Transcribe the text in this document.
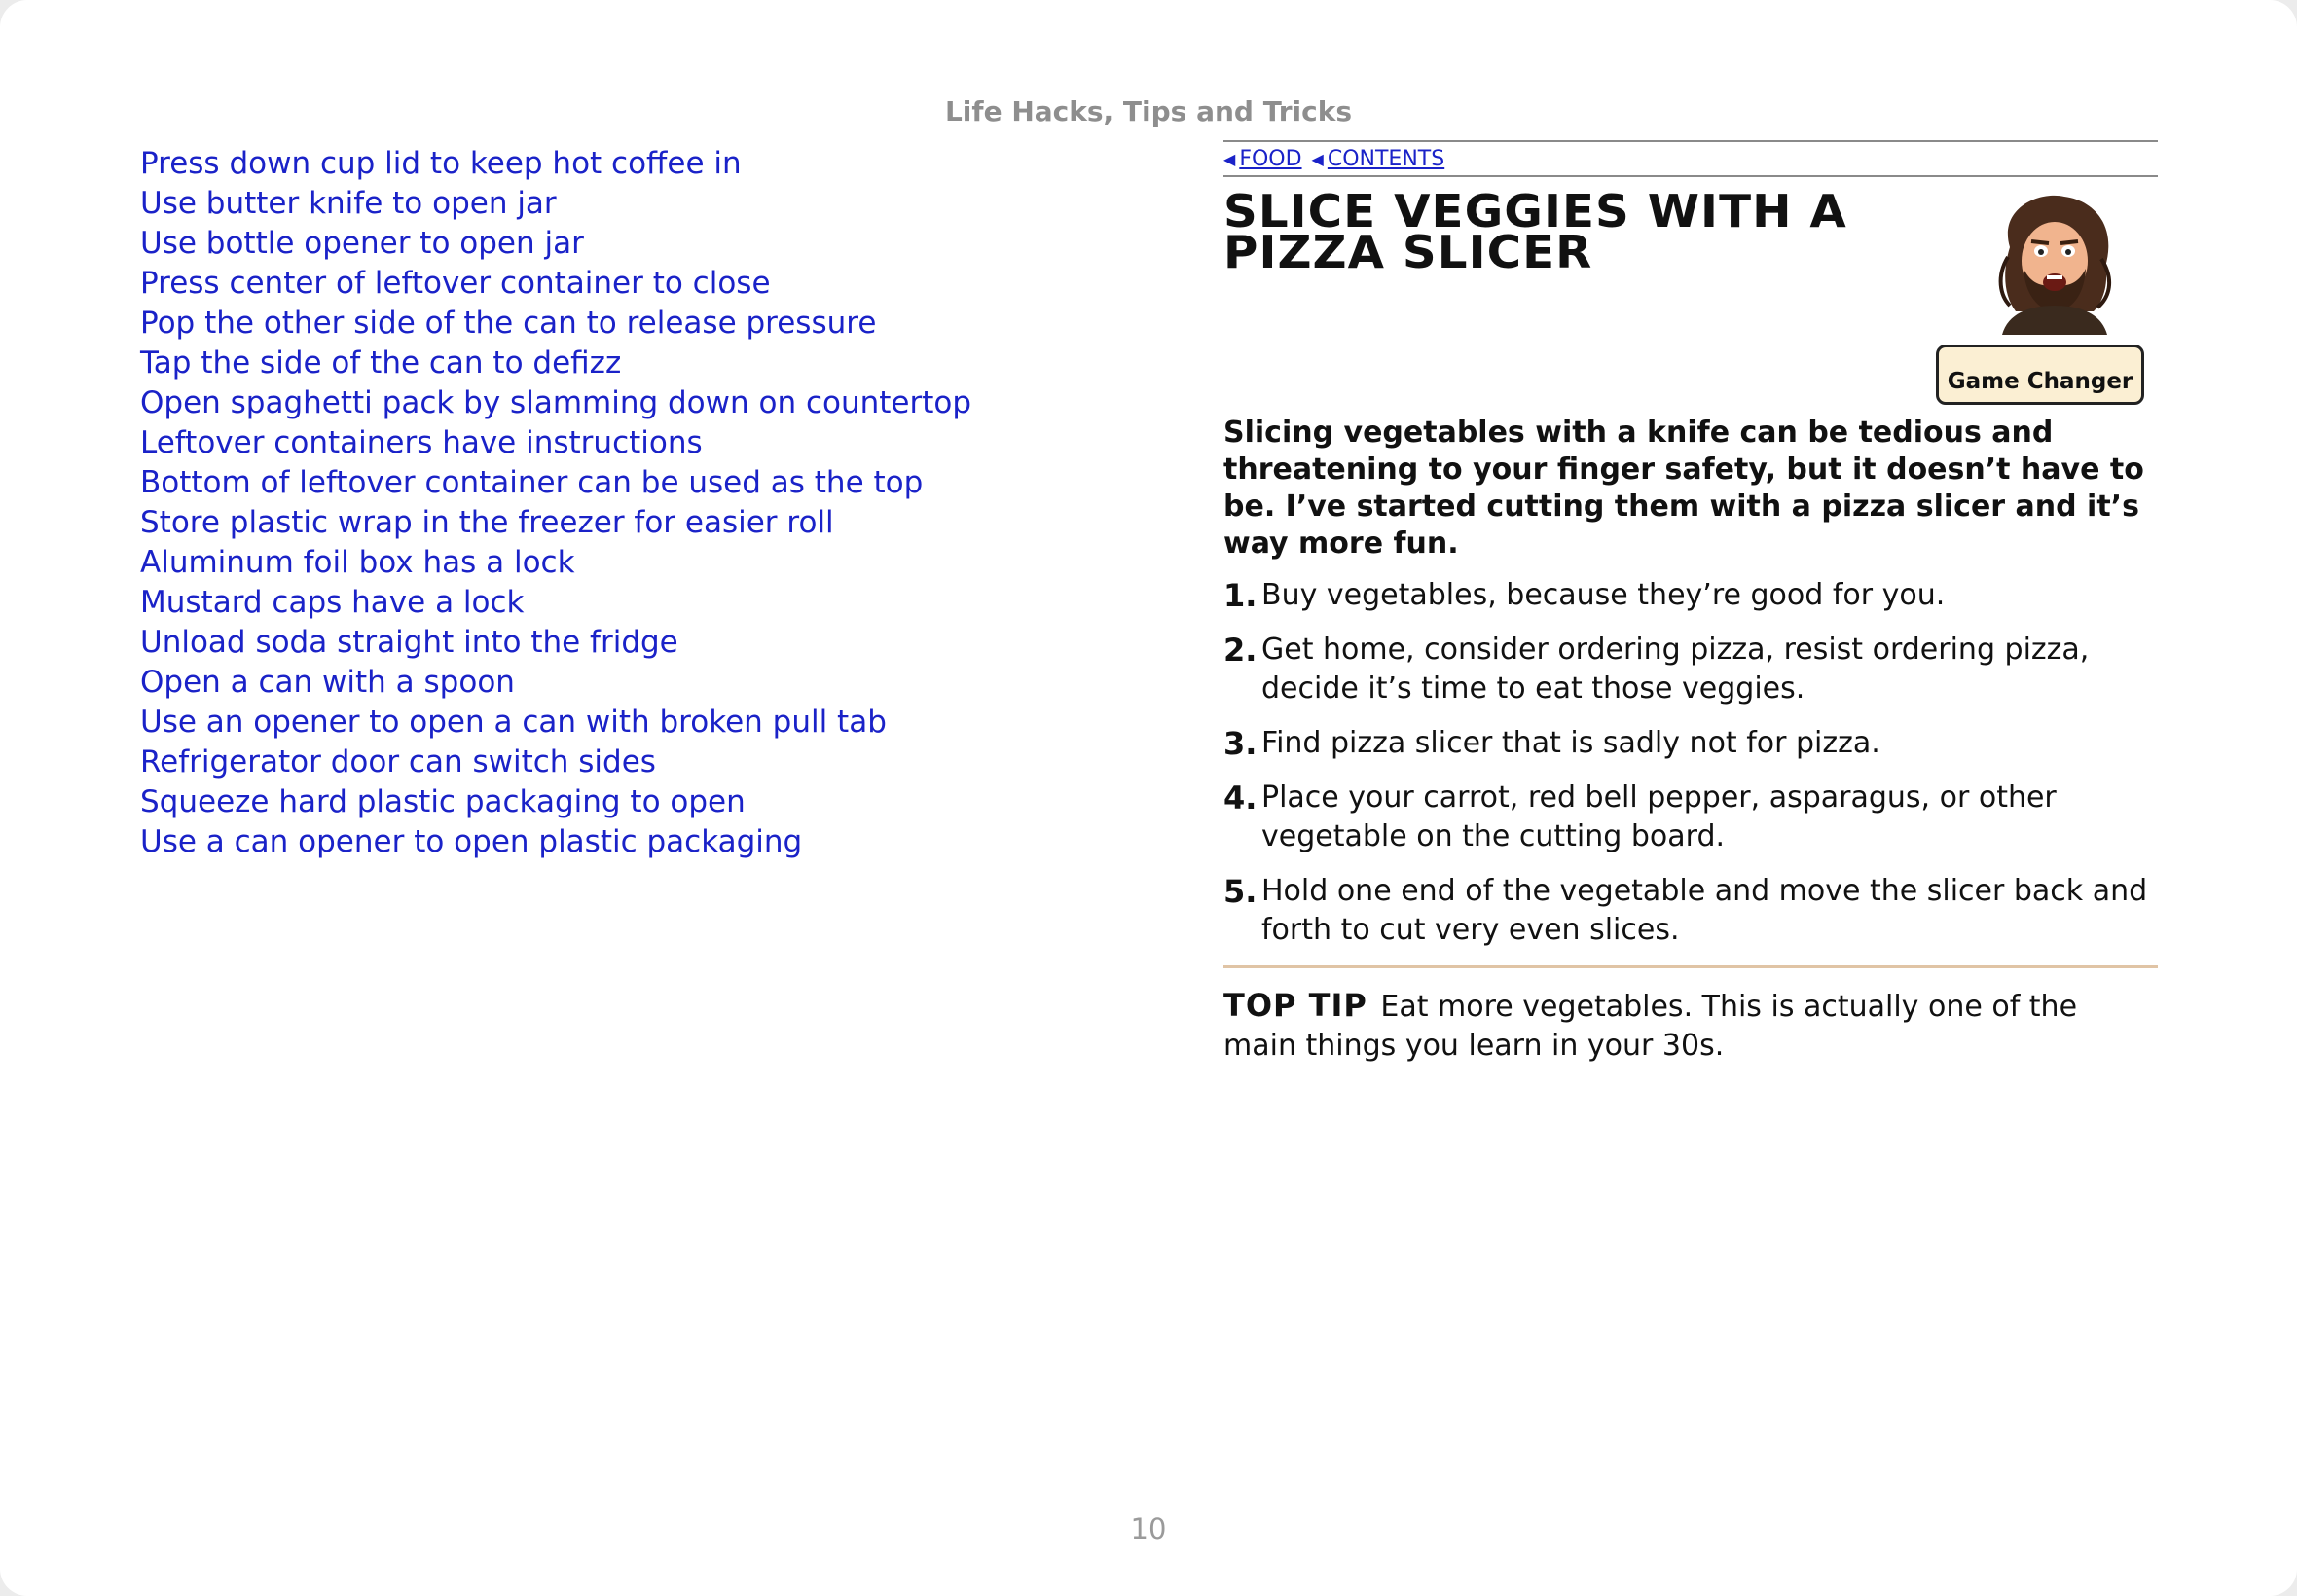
Life Hacks, Tips and Tricks
Press down cup lid to keep hot coffee in
Use butter knife to open jar
Use bottle opener to open jar
Press center of leftover container to close
Pop the other side of the can to release pressure
Tap the side of the can to defizz
Open spaghetti pack by slamming down on countertop
Leftover containers have instructions
Bottom of leftover container can be used as the top
Store plastic wrap in the freezer for easier roll
Aluminum foil box has a lock
Mustard caps have a lock
Unload soda straight into the fridge
Open a can with a spoon
Use an opener to open a can with broken pull tab
Refrigerator door can switch sides
Squeeze hard plastic packaging to open
Use a can opener to open plastic packaging
◀ FOOD ◀ CONTENTS
SLICE VEGGIES WITH A PIZZA SLICER
Game Changer
Slicing vegetables with a knife can be tedious and threatening to your finger safety, but it doesn’t have to be. I’ve started cutting them with a pizza slicer and it’s way more fun.
1. Buy vegetables, because they’re good for you.
2. Get home, consider ordering pizza, resist ordering pizza, decide it’s time to eat those veggies.
3. Find pizza slicer that is sadly not for pizza.
4. Place your carrot, red bell pepper, asparagus, or other vegetable on the cutting board.
5. Hold one end of the vegetable and move the slicer back and forth to cut very even slices.
TOP TIP Eat more vegetables. This is actually one of the main things you learn in your 30s.
10
